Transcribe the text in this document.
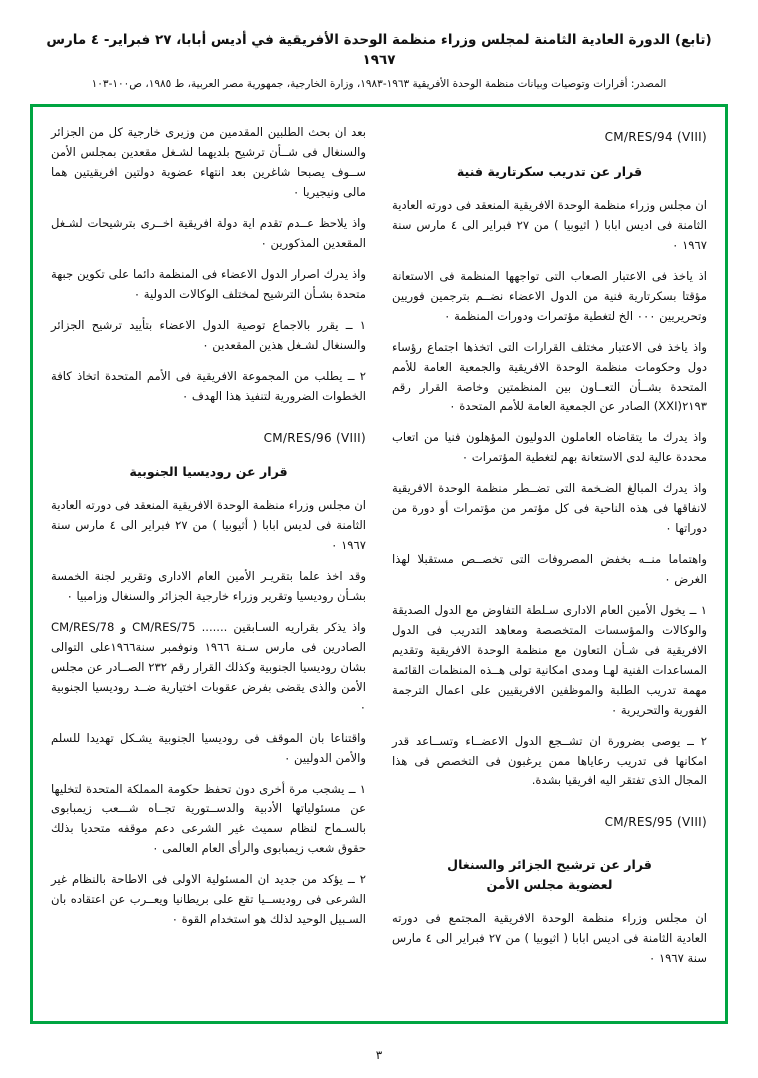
(تابع) الدورة العادية الثامنة لمجلس وزراء منظمة الوحدة الأفريقية في أديس أبابا، ٢٧ فبراير- ٤ مارس ١٩٦٧
المصدر: أقرارات وتوصيات وبيانات منظمة الوحدة الأفريقية ١٩٦٣-١٩٨٣، وزارة الخارجية، جمهورية مصر العربية، ط ١٩٨٥، ص١٠٠-١٠٣
CM/RES/94 (VIII)
قرار عن تدريب سكرتارية فنية

ان مجلس وزراء منظمة الوحدة الافريقية المنعقد فى دورته العادية الثامنة فى اديس ابابا ( اثيوبيا ) من ٢٧ فبراير الى ٤ مارس سنة ١٩٦٧ ٠

اذ ياخذ فى الاعتبار الصعاب التى تواجهها المنظمة فى الاستعانة مؤقتا بسكرتارية فنية من الدول الاعضاء نضــم بترجمين فوريين وتحريريين ٠٠٠ الخ لتغطية مؤتمرات ودورات المنظمة ٠

واذ ياخذ فى الاعتبار مختلف القرارات التى اتخذها اجتماع رؤساء دول وحكومات منظمة الوحدة الافريقية والجمعية العامة للأمم المتحدة بشــأن التعــاون بين المنظمتين وخاصة القرار رقم ٢١٩٣(XXI) الصادر عن الجمعية العامة للأمم المتحدة ٠

واذ يدرك ما يتقاضاه العاملون الدوليون المؤهلون فنيا من اتعاب محددة عالية لدى الاستعانة بهم لتغطية المؤتمرات ٠

واذ يدرك المبالغ الضـخمة التى تضــطر منظمة الوحدة الافريقية لانفاقها فى هذه الناحية فى كل مؤتمر من مؤتمرات أو دورة من دوراتها ٠

واهتماما منــه بخفض المصروفات التى تخصــص مستقبلا لهذا الغرض ٠

١ ــ يخول الأمين العام الادارى سـلطة التفاوض مع الدول الصديقة والوكالات والمؤسسات المتخصصة ومعاهد التدريب فى الدول الافريقية فى شـأن التعاون مع منظمة الوحدة الافريقية وتقديم المساعدات الفنية لهـا ومدى امكانية تولى هــذه المنظمات القائمة مهمة تدريب الطلبة والموظفين الافريقيين على اعمال الترجمة الفورية والتحريرية ٠

٢ ــ يوصى بضرورة ان تشــجع الدول الاعضــاء وتســاعد قدر امكانها فى تدريب رعاياها ممن يرغبون فى التخصص فى هذا المجال الذى تفتقر اليه افريقيا بشدة.

CM/RES/95 (VIII)
قرار عن ترشيح الجزائر والسنغال
لعضوية مجلس الأمن

ان مجلس وزراء منظمة الوحدة الافريقية المجتمع فى دورته العادية الثامنة فى اديس ابابا ( اثيوبيا ) من ٢٧ فبراير الى ٤ مارس سنة ١٩٦٧ ٠

بعد ان بحث الطلبين المقدمين من وزيرى خارجية كل من الجزائر والسنغال فى شــأن ترشيح بلديهما لشـغل مقعدين بمجلس الأمن ســوف يصبحا شاغرين بعد انتهاء عضوية دولتين افريقيتين هما مالى ونيجيريا ٠

واذ يلاحظ عــدم تقدم اية دولة افريقية اخــرى بترشيحات لشـغل المقعدين المذكورين ٠

واذ يدرك اصرار الدول الاعضاء فى المنظمة دائما على تكوين جبهة متحدة بشـأن الترشيح لمختلف الوكالات الدولية ٠

١ ــ يقرر بالاجماع توصية الدول الاعضاء بتأييد ترشيح الجزائر والسنغال لشـغل هذين المقعدين ٠

٢ ــ يطلب من المجموعة الافريقية فى الأمم المتحدة اتخاذ كافة الخطوات الضرورية لتنفيذ هذا الهدف ٠

CM/RES/96 (VIII)
قرار عن روديسيا الجنوبية

ان مجلس وزراء منظمة الوحدة الافريقية المنعقد فى دورته العادية الثامنة فى لديس ابابا ( أثيوبيا ) من ٢٧ فبراير الى ٤ مارس سنة ١٩٦٧ ٠

وقد اخذ علما بتقريـر الأمين العام الادارى وتقرير لجنة الخمسة بشـأن روديسيا وتقرير وزراء خارجية الجزائر والسنغال وزامبيا ٠

واذ يذكر بقراريه السـابقين ....... CM/RES/75 و CM/RES/78 الصادرين فى مارس سـنة ١٩٦٦ ونوفمبر سنة١٩٦٦على التوالى بشان روديسيا الجنوبية وكذلك القرار رقم ٢٣٢ الصــادر عن مجلس الأمن والذى يقضى بفرض عقوبات اختيارية ضــد روديسيا الجنوبية ٠

واقتناعا بان الموقف فى روديسيا الجنوبية يشـكل تهديدا للسلم والأمن الدوليين ٠

١ ــ يشجب مرة أخرى دون تحفظ حكومة المملكة المتحدة لتخليها عن مسئولياتها الأدبية والدســتورية تجــاه شـــعب زيمبابوى بالسـماح لنظام سميث غير الشرعى دعم موقفه متحديا بذلك حقوق شعب زيمبابوى والرأى العام العالمى ٠

٢ ــ يؤكد من جديد ان المسئولية الاولى فى الاطاحة بالنظام غير الشرعى فى روديســيا تقع على بريطانيا ويعــرب عن اعتقاده بان السـبيل الوحيد لذلك هو استخدام القوة ٠

٣
